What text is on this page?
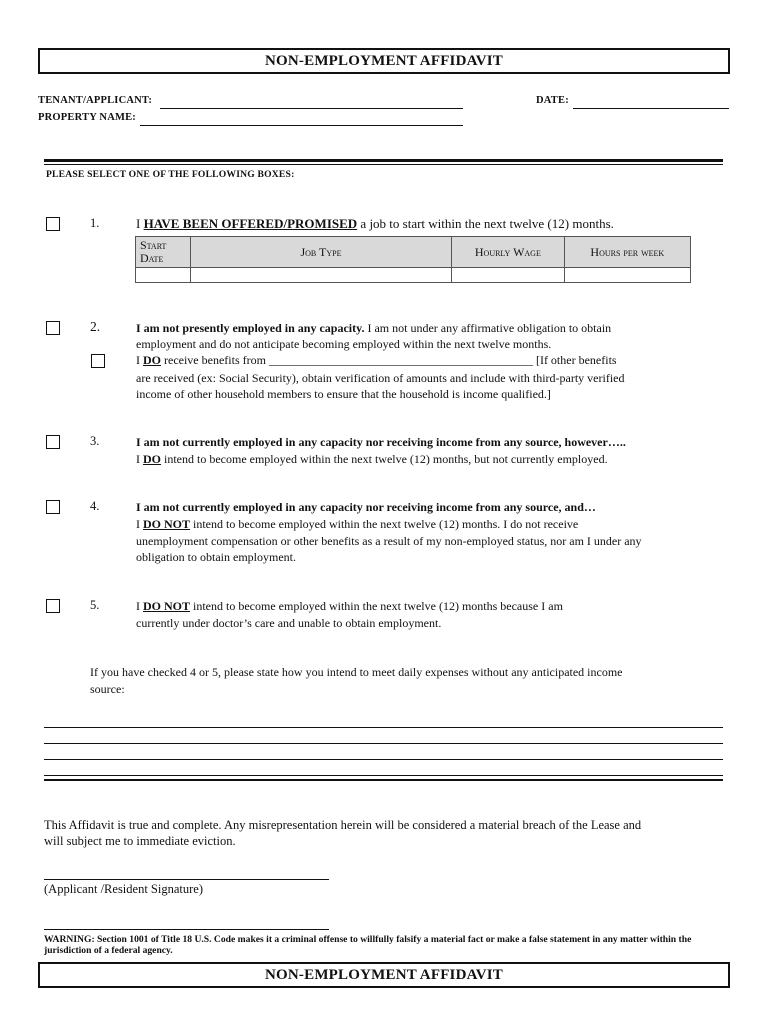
NON-EMPLOYMENT AFFIDAVIT
TENANT/APPLICANT:
PROPERTY NAME:
DATE:
PLEASE SELECT ONE OF THE FOLLOWING BOXES:
1.	I HAVE BEEN OFFERED/PROMISED a job to start within the next twelve (12) months.
Start Date	Job Type	Hourly Wage	Hours per week

2.	I am not presently employed in any capacity. I am not under any affirmative obligation to obtain
employment and do not anticipate becoming employed within the next twelve months.
I DO receive benefits from ____________________________________________ [If other benefits
are received (ex: Social Security), obtain verification of amounts and include with third-party verified
income of other household members to ensure that the household is income qualified.]
3.	I am not currently employed in any capacity nor receiving income from any source, however…..
I DO intend to become employed within the next twelve (12) months, but not currently employed.
4.	I am not currently employed in any capacity nor receiving income from any source, and…
I DO NOT intend to become employed within the next twelve (12) months. I do not receive
unemployment compensation or other benefits as a result of my non-employed status, nor am I under any
obligation to obtain employment.
5.	I DO NOT intend to become employed within the next twelve (12) months because I am
currently under doctor’s care and unable to obtain employment.
If you have checked 4 or 5, please state how you intend to meet daily expenses without any anticipated income
source:
This Affidavit is true and complete. Any misrepresentation herein will be considered a material breach of the Lease and
will subject me to immediate eviction.
(Applicant /Resident Signature)
WARNING: Section 1001 of Title 18 U.S. Code makes it a criminal offense to willfully falsify a material fact or make a false statement in any matter within the jurisdiction of a federal agency.
NON-EMPLOYMENT AFFIDAVIT
